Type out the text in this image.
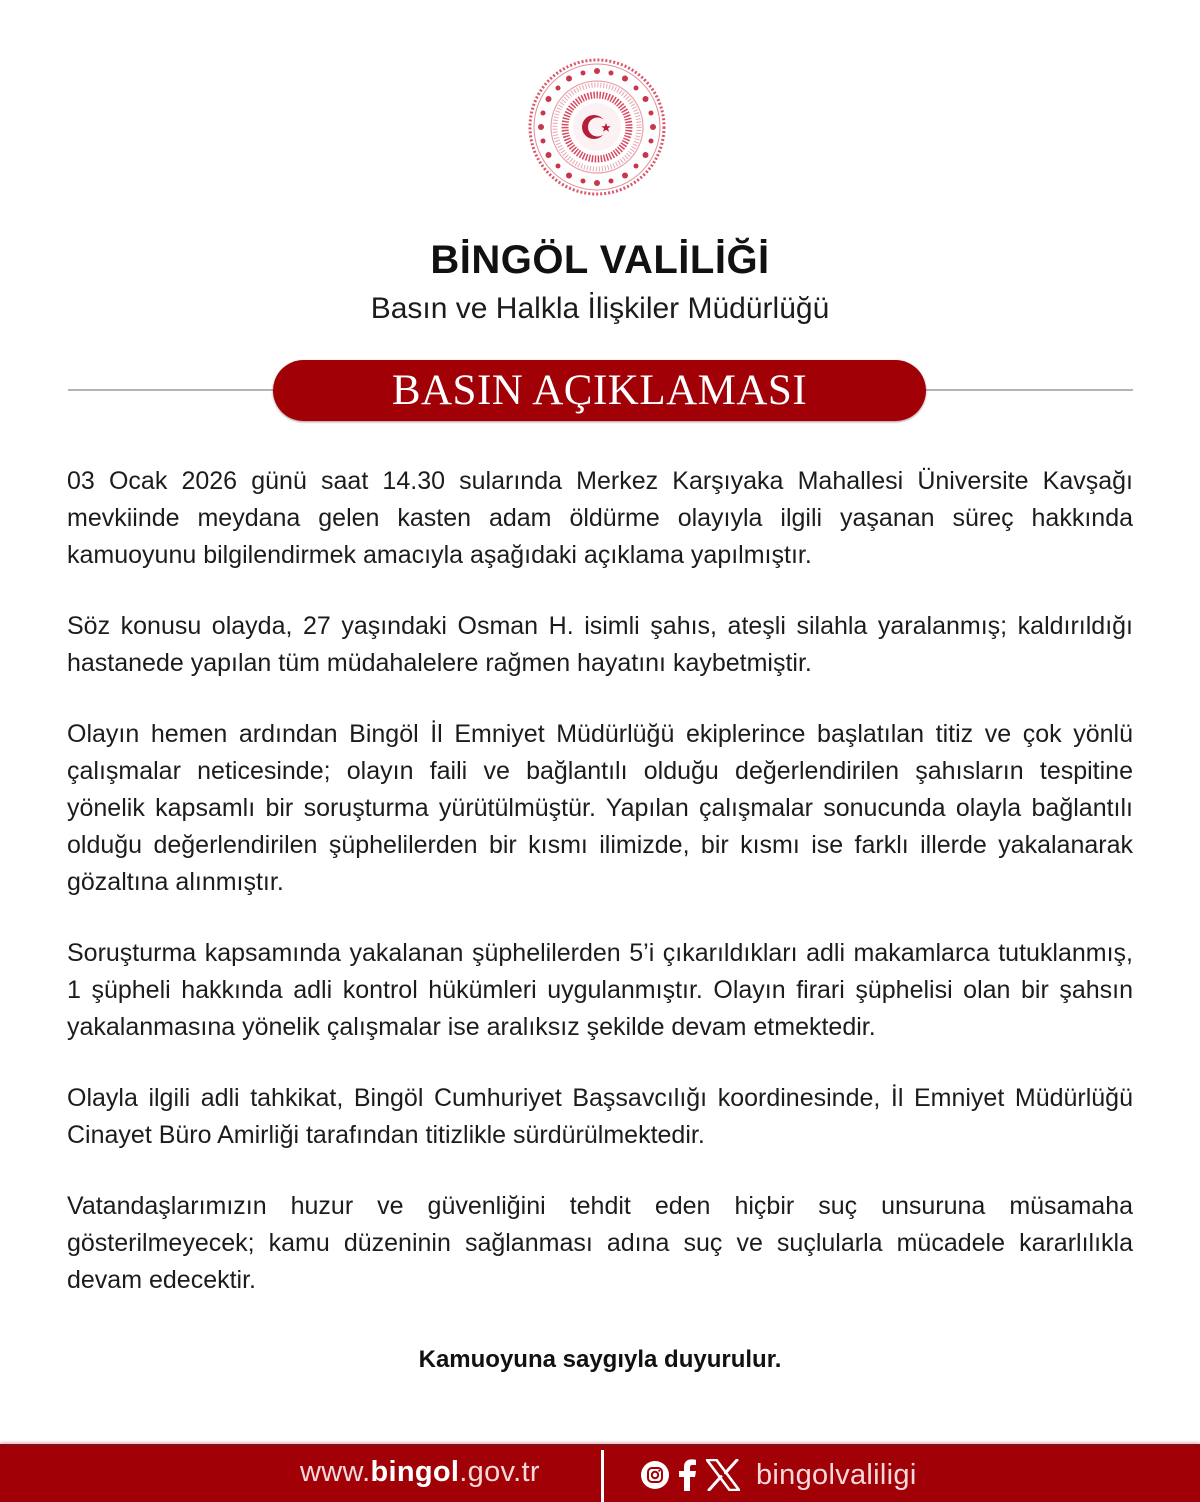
BİNGÖL VALİLİĞİ
Basın ve Halkla İlişkiler Müdürlüğü
BASIN AÇIKLAMASI

03 Ocak 2026 günü saat 14.30 sularında Merkez Karşıyaka Mahallesi Üniversite Kavşağı mevkiinde meydana gelen kasten adam öldürme olayıyla ilgili yaşanan süreç hakkında kamuoyunu bilgilendirmek amacıyla aşağıdaki açıklama yapılmıştır.

Söz konusu olayda, 27 yaşındaki Osman H. isimli şahıs, ateşli silahla yaralanmış; kaldırıldığı hastanede yapılan tüm müdahalelere rağmen hayatını kaybetmiştir.

Olayın hemen ardından Bingöl İl Emniyet Müdürlüğü ekiplerince başlatılan titiz ve çok yönlü çalışmalar neticesinde; olayın faili ve bağlantılı olduğu değerlendirilen şahısların tespitine yönelik kapsamlı bir soruşturma yürütülmüştür. Yapılan çalışmalar sonucunda olayla bağlantılı olduğu değerlendirilen şüphelilerden bir kısmı ilimizde, bir kısmı ise farklı illerde yakalanarak gözaltına alınmıştır.

Soruşturma kapsamında yakalanan şüphelilerden 5’i çıkarıldıkları adli makamlarca tutuklanmış, 1 şüpheli hakkında adli kontrol hükümleri uygulanmıştır. Olayın firari şüphelisi olan bir şahsın yakalanmasına yönelik çalışmalar ise aralıksız şekilde devam etmektedir.

Olayla ilgili adli tahkikat, Bingöl Cumhuriyet Başsavcılığı koordinesinde, İl Emniyet Müdürlüğü Cinayet Büro Amirliği tarafından titizlikle sürdürülmektedir.

Vatandaşlarımızın huzur ve güvenliğini tehdit eden hiçbir suç unsuruna müsamaha gösterilmeyecek; kamu düzeninin sağlanması adına suç ve suçlularla mücadele kararlılıkla devam edecektir.

Kamuoyuna saygıyla duyurulur.
www.bingol.gov.tr	bingolvaliligi
